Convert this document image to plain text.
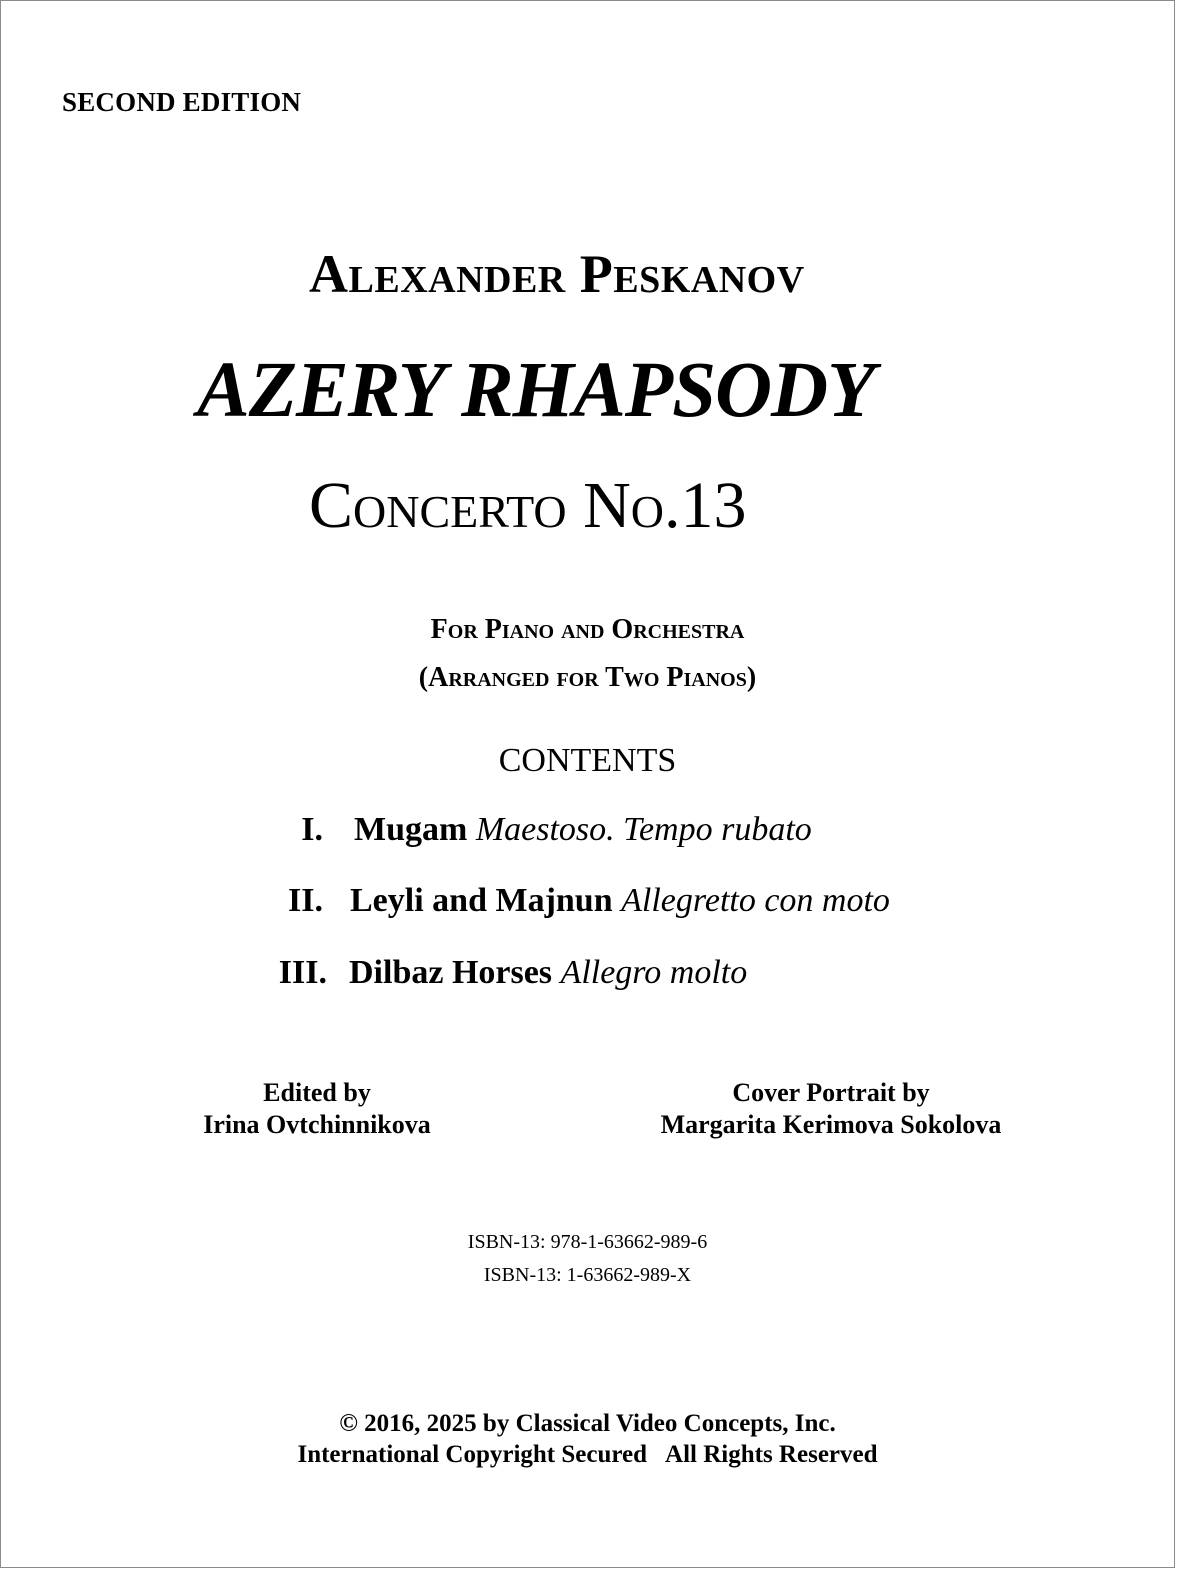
SECOND EDITION
Alexander Peskanov
AZERY RHAPSODY
Concerto No.13
For Piano and Orchestra
(Arranged for Two Pianos)
CONTENTS
I. Mugam Maestoso. Tempo rubato
II. Leyli and Majnun Allegretto con moto
III. Dilbaz Horses Allegro molto
Edited by
Irina Ovtchinnikova
Cover Portrait by
Margarita Kerimova Sokolova
ISBN-13: 978-1-63662-989-6
ISBN-13: 1-63662-989-X
© 2016, 2025 by Classical Video Concepts, Inc.
International Copyright Secured All Rights Reserved
